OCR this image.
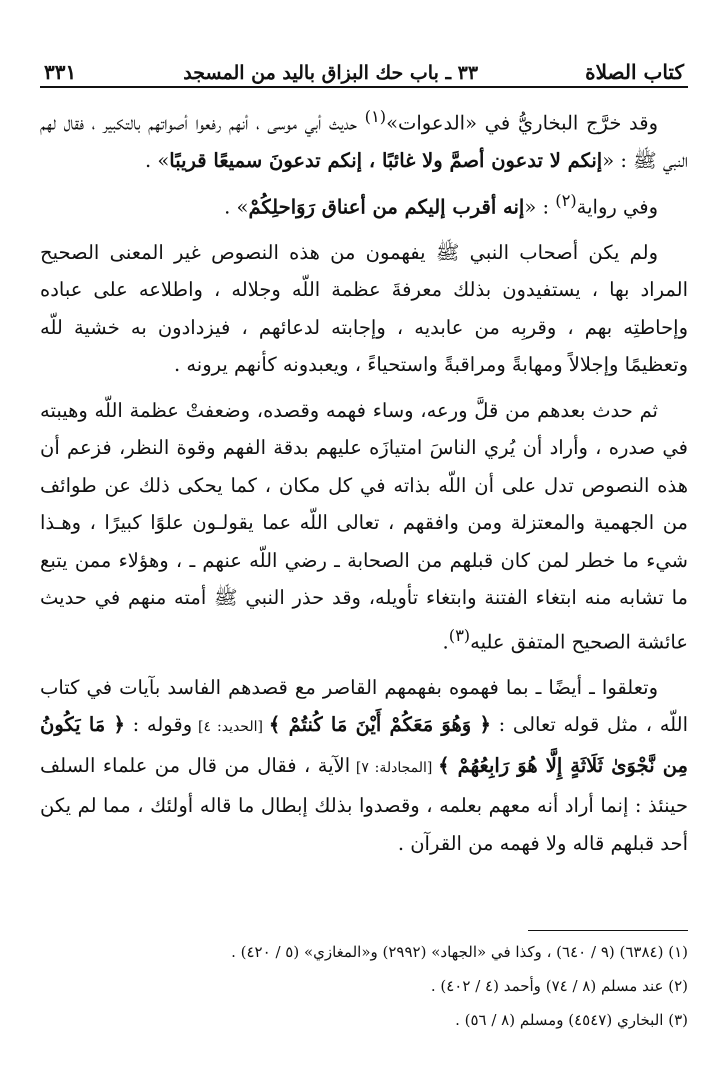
كتاب الصلاة
٣٣ ـ باب حك البزاق باليد من المسجد
٣٣١

وقد خرَّج البخاريُّ في «الدعوات»$^{(١)}$ حديث أبي موسى ، أنهم رفعوا أصواتهم بالتكبير ، فقال لهم النبي ﷺ : «إنكم لا تدعون أصمَّ ولا غائبًا ، إنكم تدعونَ سميعًا قريبًا» .

وفي رواية$^{(٢)}$ : «إنه أقرب إليكم من أعناق رَوَاحلِكُمْ» .

ولم يكن أصحاب النبي ﷺ يفهمون من هذه النصوص غير المعنى الصحيح المراد بها ، يستفيدون بذلك معرفةَ عظمة اللّه وجلاله ، واطلاعه على عباده وإحاطتِه بهم ، وقربِه من عابديه ، وإجابته لدعائهم ، فيزدادون به خشية للّه وتعظيمًا وإجلالاً ومهابةً ومراقبةً واستحياءً ، ويعبدونه كأنهم يرونه .

ثم حدث بعدهم من قلَّ ورعه، وساء فهمه وقصده، وضعفتْ عظمة اللّه وهيبته في صدره ، وأراد أن يُري الناسَ امتيازَه عليهم بدقة الفهم وقوة النظر، فزعم أن هذه النصوص تدل على أن اللّه بذاته في كل مكان ، كما يحكى ذلك عن طوائف من الجهمية والمعتزلة ومن وافقهم ، تعالى اللّه عما يقولـون علوًا كبيرًا ، وهـذا شيء ما خطر لمن كان قبلهم من الصحابة ـ رضي اللّه عنهم ـ ، وهؤلاء ممن يتبع ما تشابه منه ابتغاء الفتنة وابتغاء تأويله، وقد حذر النبي ﷺ أمته منهم في حديث عائشة الصحيح المتفق عليه$^{(٣)}$.

وتعلقوا ـ أيضًا ـ بما فهموه بفهمهم القاصر مع قصدهم الفاسد بآيات في كتاب اللّه ، مثل قوله تعالى : ﴿ وَهُوَ مَعَكُمْ أَيْنَ مَا كُنتُمْ ﴾ [الحديد: ٤] وقوله : ﴿ مَا يَكُونُ مِن نَّجْوَىٰ ثَلَاثَةٍ إِلَّا هُوَ رَابِعُهُمْ ﴾ [المجادلة: ٧] الآية ، فقال من قال من علماء السلف حينئذ : إنما أراد أنه معهم بعلمه ، وقصدوا بذلك إبطال ما قاله أولئك ، مما لم يكن أحد قبلهم قاله ولا فهمه من القرآن .

(١) (٦٣٨٤) (٩ / ٦٤٠) ، وكذا في «الجهاد» (٢٩٩٢) و«المغازي» (٥ / ٤٢٠) .

(٢) عند مسلم (٨ / ٧٤) وأحمد (٤ / ٤٠٢) .

(٣) البخاري (٤٥٤٧) ومسلم (٨ / ٥٦) .
